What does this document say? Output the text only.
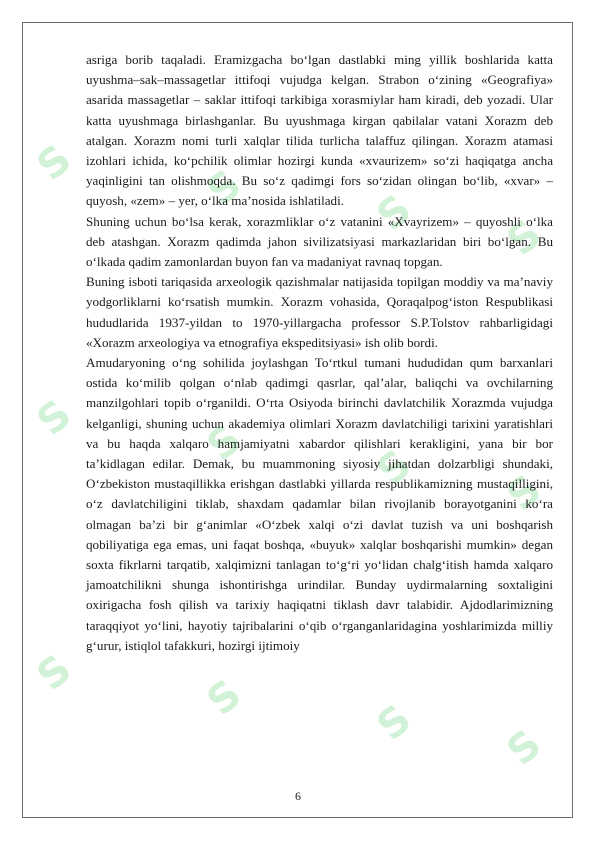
S	S	S S
S	S	S S
S	S	S S

asriga borib taqaladi. Eramizgacha bo‘lgan dastlabki ming yillik boshlarida katta uyushma–sak–massagetlar ittifoqi vujudga kelgan. Strabon o‘zining «Geografiya» asarida massagetlar – saklar ittifoqi tarkibiga xorasmiylar ham kiradi, deb yozadi. Ular katta uyushmaga birlashganlar. Bu uyushmaga kirgan qabilalar vatani Xorazm deb atalgan. Xorazm nomi turli xalqlar tilida turlicha talaffuz qilingan. Xorazm atamasi izohlari ichida, ko‘pchilik olimlar hozirgi kunda «xvaurizem» so‘zi haqiqatga ancha yaqinligini tan olishmoqda. Bu so‘z qadimgi fors so‘zidan olingan bo‘lib, «xvar» – quyosh, «zem» – yer, o‘lka ma’nosida ishlatiladi.

Shuning uchun bo‘lsa kerak, xorazmliklar o‘z vatanini «Xvayrizem» – quyoshli o‘lka deb atashgan. Xorazm qadimda jahon sivilizatsiyasi markazlaridan biri bo‘lgan. Bu o‘lkada qadim zamonlardan buyon fan va madaniyat ravnaq topgan.

Buning isboti tariqasida arxeologik qazishmalar natijasida topilgan moddiy va ma’naviy yodgorliklarni ko‘rsatish mumkin. Xorazm vohasida, Qoraqalpog‘iston Respublikasi hududlarida 1937-yildan to 1970-yillargacha professor S.P.Tolstov rahbarligidagi «Xorazm arxeologiya va etnografiya ekspeditsiyasi» ish olib bordi.

Amudaryoning o‘ng sohilida joylashgan To‘rtkul tumani hududidan qum barxanlari ostida ko‘milib qolgan o‘nlab qadimgi qasrlar, qal’alar, baliqchi va ovchilarning manzilgohlari topib o‘rganildi. O‘rta Osiyoda birinchi davlatchilik Xorazmda vujudga kelganligi, shuning uchun akademiya olimlari Xorazm davlatchiligi tarixini yaratishlari va bu haqda xalqaro hamjamiyatni xabardor qilishlari kerakligini, yana bir bor ta’kidlagan edilar. Demak, bu muammoning siyosiy jihatdan dolzarbligi shundaki, O‘zbekiston mustaqillikka erishgan dastlabki yillarda respublikamizning mustaqilligini, o‘z davlatchiligini tiklab, shaxdam qadamlar bilan rivojlanib borayotganini ko‘ra olmagan ba’zi bir g‘animlar «O‘zbek xalqi o‘zi davlat tuzish va uni boshqarish qobiliyatiga ega emas, uni faqat boshqa, «buyuk» xalqlar boshqarishi mumkin» degan soxta fikrlarni tarqatib, xalqimizni tanlagan to‘g‘ri yo‘lidan chalg‘itish hamda xalqaro jamoatchilikni shunga ishontirishga urindilar. Bunday uydirmalarning soxtaligini oxirigacha fosh qilish va tarixiy haqiqatni tiklash davr talabidir. Ajdodlarimizning taraqqiyot yo‘lini, hayotiy tajribalarini o‘qib o‘rganganlaridagina yoshlarimizda milliy g‘urur, istiqlol tafakkuri, hozirgi ijtimoiy

6
